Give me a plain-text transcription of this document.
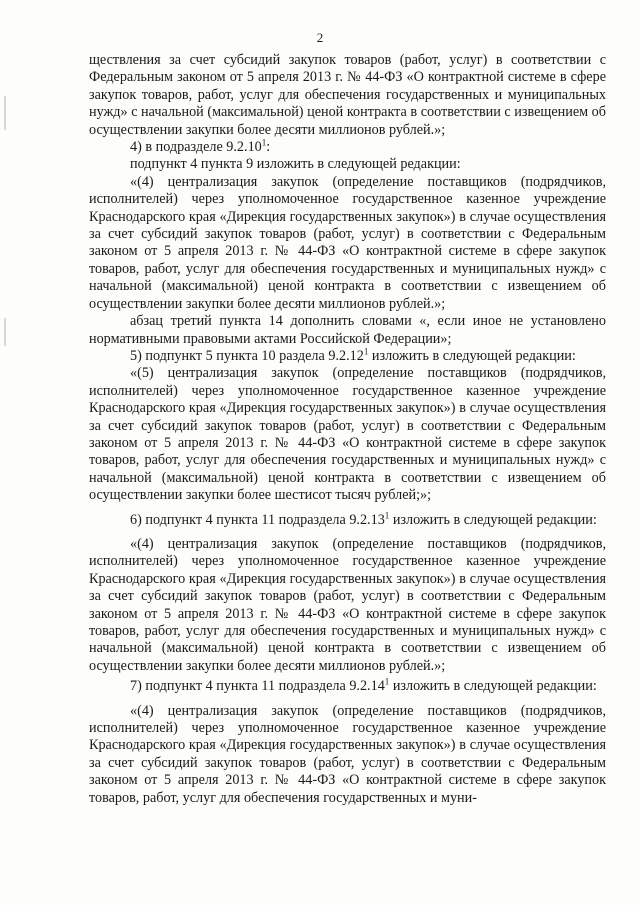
2

ществления за счет субсидий закупок товаров (работ, услуг) в соответствии с Федеральным законом от 5 апреля 2013 г. № 44-ФЗ «О контрактной системе в сфере закупок товаров, работ, услуг для обеспечения государственных и муниципальных нужд» с начальной (максимальной) ценой контракта в соответствии с извещением об осуществлении закупки более десяти миллионов рублей.»;

4) в подразделе 9.2.10$^1$:

подпункт 4 пункта 9 изложить в следующей редакции:

«(4) централизация закупок (определение поставщиков (подрядчиков, исполнителей) через уполномоченное государственное казенное учреждение Краснодарского края «Дирекция государственных закупок») в случае осуществления за счет субсидий закупок товаров (работ, услуг) в соответствии с Федеральным законом от 5 апреля 2013 г. № 44-ФЗ «О контрактной системе в сфере закупок товаров, работ, услуг для обеспечения государственных и муниципальных нужд» с начальной (максимальной) ценой контракта в соответствии с извещением об осуществлении закупки более десяти миллионов рублей.»;

абзац третий пункта 14 дополнить словами «, если иное не установлено нормативными правовыми актами Российской Федерации»;

5) подпункт 5 пункта 10 раздела 9.2.12$^1$ изложить в следующей редакции:

«(5) централизация закупок (определение поставщиков (подрядчиков, исполнителей) через уполномоченное государственное казенное учреждение Краснодарского края «Дирекция государственных закупок») в случае осуществления за счет субсидий закупок товаров (работ, услуг) в соответствии с Федеральным законом от 5 апреля 2013 г. № 44-ФЗ «О контрактной системе в сфере закупок товаров, работ, услуг для обеспечения государственных и муниципальных нужд» с начальной (максимальной) ценой контракта в соответствии с извещением об осуществлении закупки более шестисот тысяч рублей;»;

6) подпункт 4 пункта 11 подраздела 9.2.13$^1$ изложить в следующей редакции:

«(4) централизация закупок (определение поставщиков (подрядчиков, исполнителей) через уполномоченное государственное казенное учреждение Краснодарского края «Дирекция государственных закупок») в случае осуществления за счет субсидий закупок товаров (работ, услуг) в соответствии с Федеральным законом от 5 апреля 2013 г. № 44-ФЗ «О контрактной системе в сфере закупок товаров, работ, услуг для обеспечения государственных и муниципальных нужд» с начальной (максимальной) ценой контракта в соответствии с извещением об осуществлении закупки более десяти миллионов рублей.»;

7) подпункт 4 пункта 11 подраздела 9.2.14$^1$ изложить в следующей редакции:

«(4) централизация закупок (определение поставщиков (подрядчиков, исполнителей) через уполномоченное государственное казенное учреждение Краснодарского края «Дирекция государственных закупок») в случае осуществления за счет субсидий закупок товаров (работ, услуг) в соответствии с Федеральным законом от 5 апреля 2013 г. № 44-ФЗ «О контрактной системе в сфере закупок товаров, работ, услуг для обеспечения государственных и муни-
